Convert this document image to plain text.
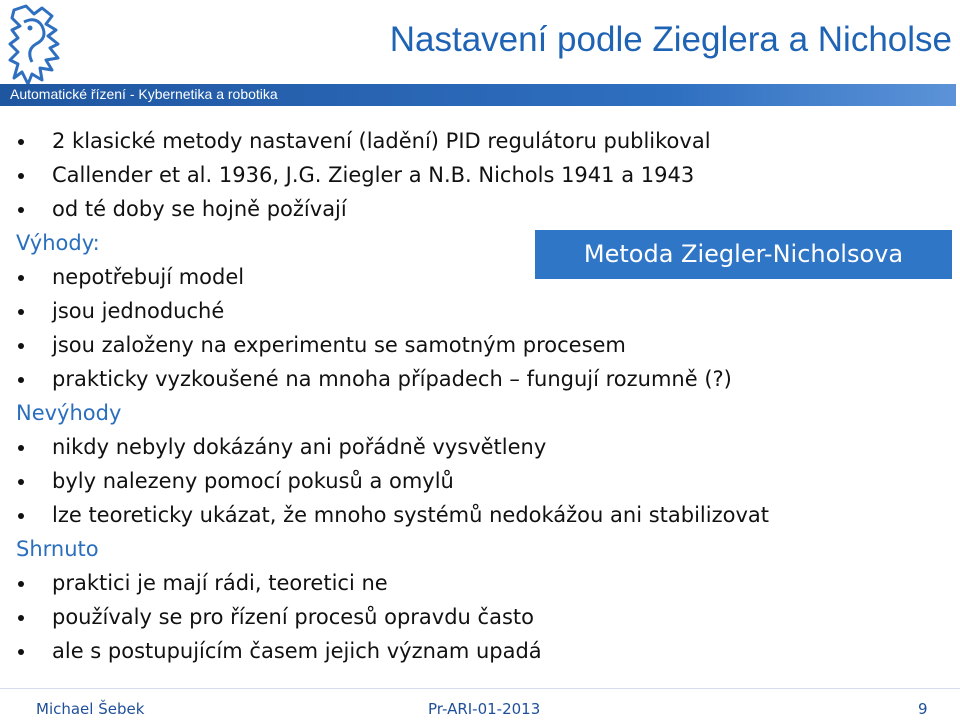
Nastavení podle Zieglera a Nicholse
Automatické řízení - Kybernetika a robotika
2 klasické metody nastavení (ladění) PID regulátoru publikoval
Callender et al. 1936, J.G. Ziegler a N.B. Nichols 1941 a 1943
od té doby se hojně požívají
Výhody:
nepotřebují model
jsou jednoduché
jsou založeny na experimentu se samotným procesem
prakticky vyzkoušené na mnoha případech – fungují rozumně (?)
Nevýhody
nikdy nebyly dokázány ani pořádně vysvětleny
byly nalezeny pomocí pokusů a omylů
lze teoreticky ukázat, že mnoho systémů nedokážou ani stabilizovat
Shrnuto
praktici je mají rádi, teoretici ne
používaly se pro řízení procesů opravdu často
ale s postupujícím časem jejich význam upadá
Metoda Ziegler-Nicholsova
Michael Šebek	Pr-ARI-01-2013	9
